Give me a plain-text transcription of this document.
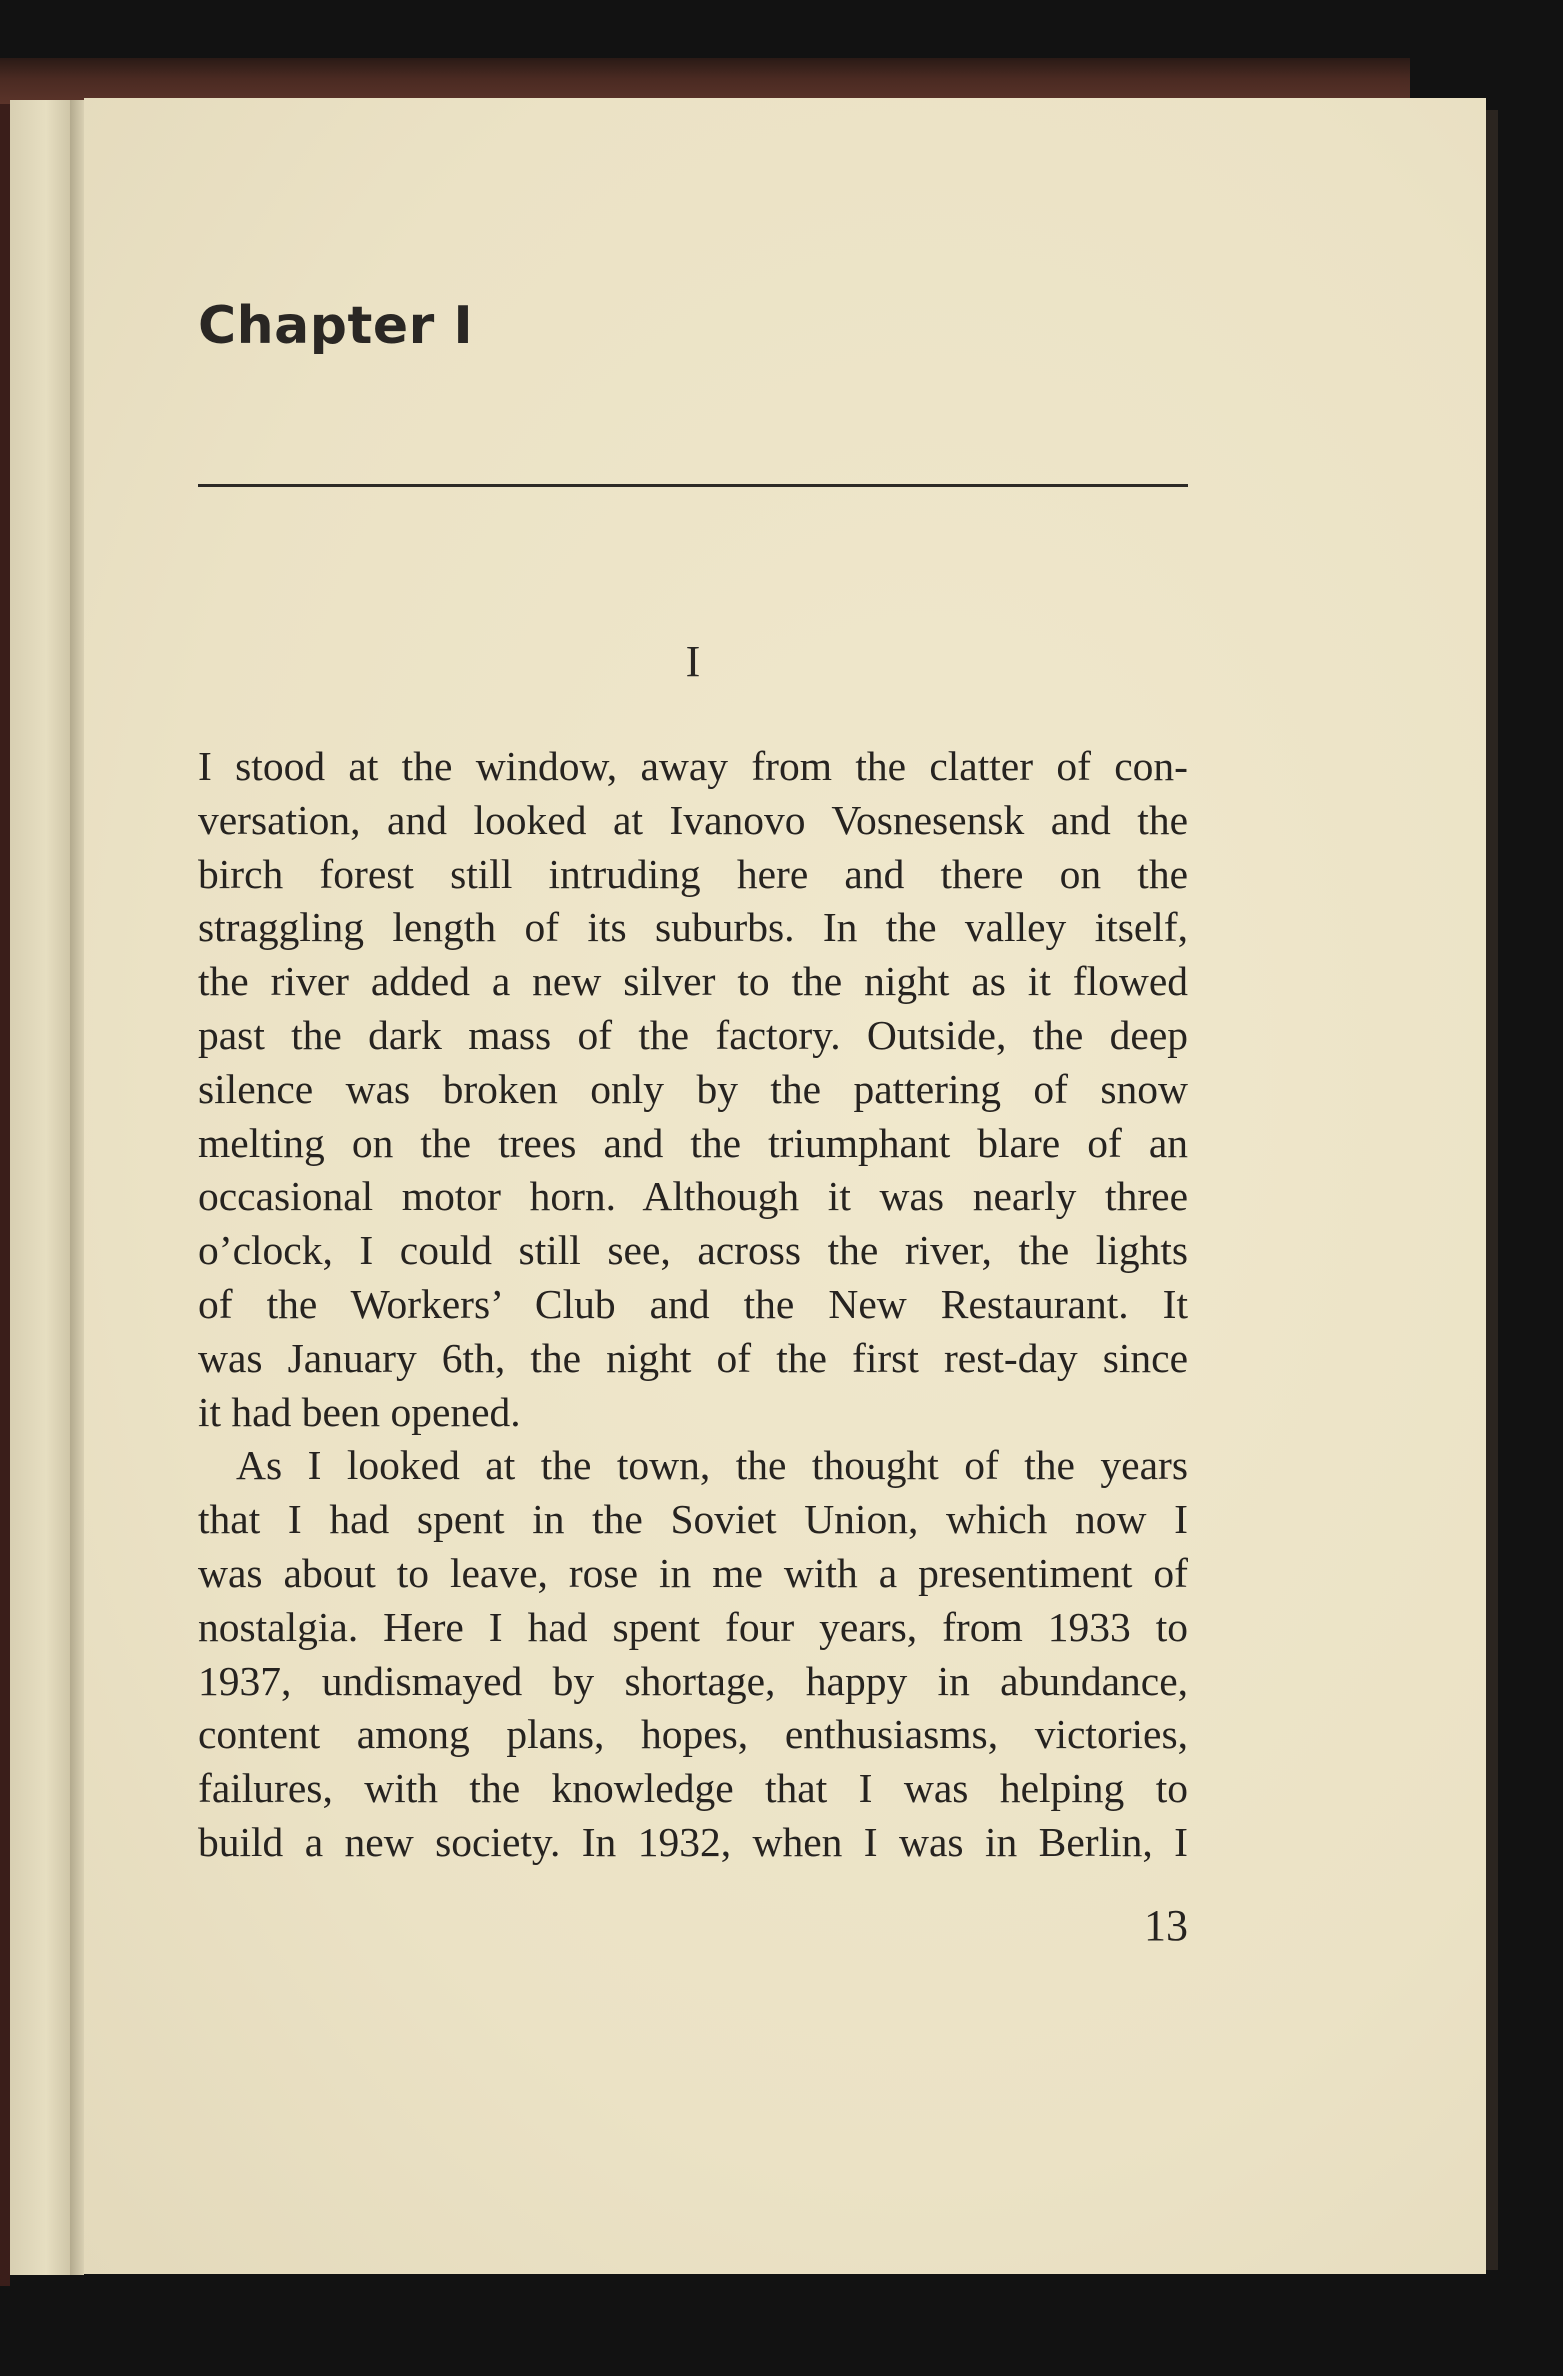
Chapter I

I

I stood at the window, away from the clatter of con-
versation, and looked at Ivanovo Vosnesensk and the
birch forest still intruding here and there on the
straggling length of its suburbs. In the valley itself,
the river added a new silver to the night as it flowed
past the dark mass of the factory. Outside, the deep
silence was broken only by the pattering of snow
melting on the trees and the triumphant blare of an
occasional motor horn. Although it was nearly three
o’clock, I could still see, across the river, the lights
of the Workers’ Club and the New Restaurant. It
was January 6th, the night of the first rest-day since
it had been opened.
As I looked at the town, the thought of the years
that I had spent in the Soviet Union, which now I
was about to leave, rose in me with a presentiment of
nostalgia. Here I had spent four years, from 1933 to
1937, undismayed by shortage, happy in abundance,
content among plans, hopes, enthusiasms, victories,
failures, with the knowledge that I was helping to
build a new society. In 1932, when I was in Berlin, I

13
